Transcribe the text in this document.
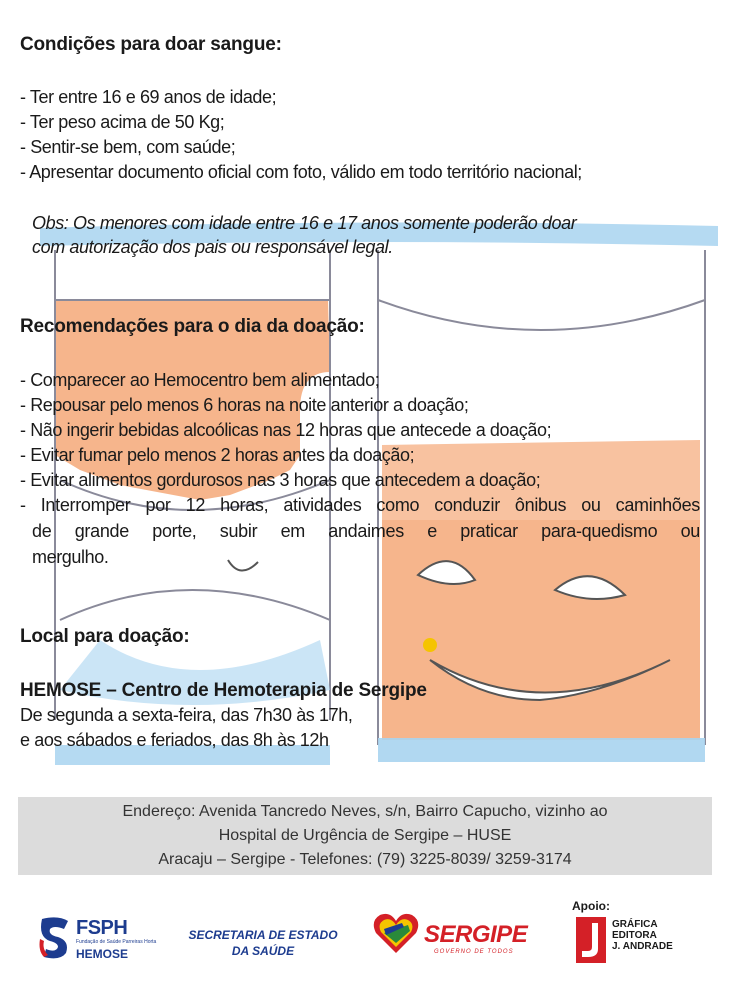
Condições para doar sangue:
- Ter entre 16 e 69 anos de idade;
- Ter peso acima de 50 Kg;
- Sentir-se bem, com saúde;
- Apresentar documento oficial com foto, válido em todo território nacional;
Obs: Os menores com idade entre 16 e 17 anos somente poderão doar
com autorização dos pais ou responsável legal.
Recomendações para o dia da doação:
- Comparecer ao Hemocentro bem alimentado;
- Repousar pelo menos 6 horas na noite anterior a doação;
- Não ingerir bebidas alcoólicas nas 12 horas que antecede a doação;
- Evitar fumar pelo menos 2 horas antes da doação;
- Evitar alimentos gordurosos nas 3 horas que antecedem a doação;
- Interromper por 12 horas, atividades como conduzir ônibus ou caminhões
de grande porte, subir em andaimes e praticar para-quedismo ou
mergulho.
Local para doação:
HEMOSE – Centro de Hemoterapia de Sergipe
De segunda a sexta-feira, das 7h30 às 17h,
e aos sábados e feriados, das 8h às 12h
Endereço: Avenida Tancredo Neves, s/n, Bairro Capucho, vizinho ao
Hospital de Urgência de Sergipe – HUSE
Aracaju – Sergipe - Telefones: (79) 3225-8039/ 3259-3174
FSPH
Fundação de Saúde Parreiras Horta
HEMOSE
SECRETARIA DE ESTADO
DA SAÚDE
SERGIPE
GOVERNO DE TODOS
Apoio:
GRÁFICA
EDITORA
J. ANDRADE
